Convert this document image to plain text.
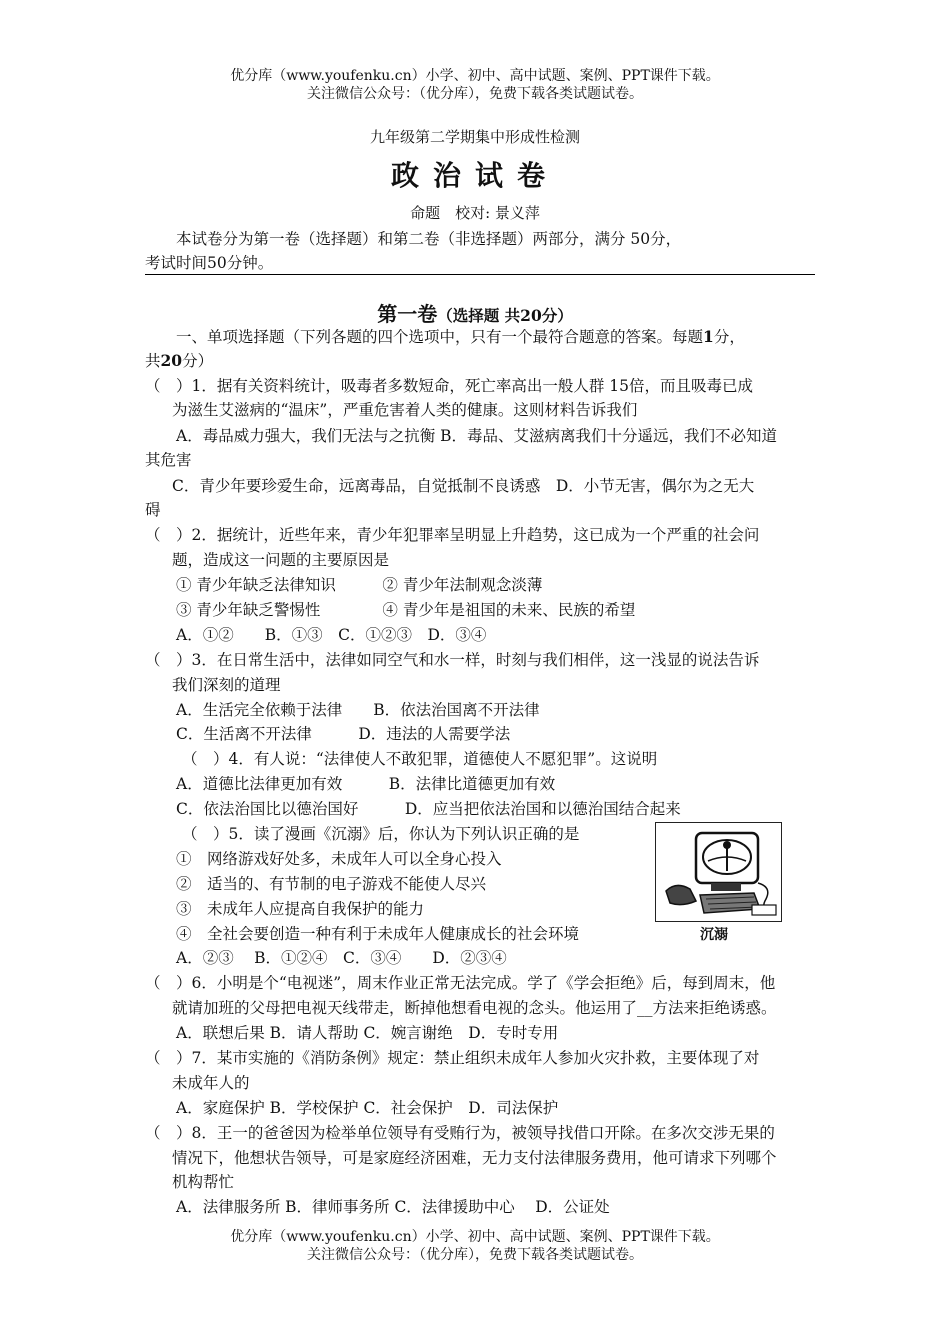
优分库（www.youfenku.cn）小学、初中、高中试题、案例、PPT课件下载。
关注微信公众号：（优分库），免费下载各类试题试卷。
九年级第二学期集中形成性检测
政治试卷
命题　校对: 景义萍
本试卷分为第一卷（选择题）和第二卷（非选择题）两部分，满分 50分，
考试时间50分钟。
第一卷（选择题 共20分）
一、单项选择题（下列各题的四个选项中，只有一个最符合题意的答案。每题1分，
共20分）
（　）1．据有关资料统计，吸毒者多数短命，死亡率高出一般人群 15倍，而且吸毒已成
为滋生艾滋病的“温床”，严重危害着人类的健康。这则材料告诉我们
A．毒品威力强大，我们无法与之抗衡 B．毒品、艾滋病离我们十分遥远，我们不必知道
其危害
C．青少年要珍爱生命，远离毒品，自觉抵制不良诱惑　D．小节无害，偶尔为之无大
碍
（　）2．据统计，近些年来，青少年犯罪率呈明显上升趋势，这已成为一个严重的社会问
题，造成这一问题的主要原因是
① 青少年缺乏法律知识　　　② 青少年法制观念淡薄
③ 青少年缺乏警惕性　　　　④ 青少年是祖国的未来、民族的希望
A．①②　　B．①③　C．①②③　D．③④
（　）3．在日常生活中，法律如同空气和水一样，时刻与我们相伴，这一浅显的说法告诉
我们深刻的道理
A．生活完全依赖于法律　　B．依法治国离不开法律
C．生活离不开法律　　　D．违法的人需要学法
（　）4．有人说：“法律使人不敢犯罪，道德使人不愿犯罪”。这说明
A．道德比法律更加有效　　　B．法律比道德更加有效
C．依法治国比以德治国好　　　D．应当把依法治国和以德治国结合起来
（　）5．读了漫画《沉溺》后，你认为下列认识正确的是
①　网络游戏好处多，未成年人可以全身心投入
②　适当的、有节制的电子游戏不能使人尽兴
③　未成年人应提高自我保护的能力
④　全社会要创造一种有利于未成年人健康成长的社会环境
A．②③　 B．①②④　C．③④　　D．②③④
沉溺
（　）6．小明是个“电视迷”，周末作业正常无法完成。学了《学会拒绝》后，每到周末，他
就请加班的父母把电视天线带走，断掉他想看电视的念头。他运用了__方法来拒绝诱惑。
A．联想后果 B．请人帮助 C．婉言谢绝　D．专时专用
（　）7．某市实施的《消防条例》规定：禁止组织未成年人参加火灾扑救，主要体现了对
未成年人的
A．家庭保护 B．学校保护 C．社会保护　D．司法保护
（　）8．王一的爸爸因为检举单位领导有受贿行为，被领导找借口开除。在多次交涉无果的
情况下，他想状告领导，可是家庭经济困难，无力支付法律服务费用，他可请求下列哪个
机构帮忙
A．法律服务所 B．律师事务所 C．法律援助中心　 D．公证处
优分库（www.youfenku.cn）小学、初中、高中试题、案例、PPT课件下载。
关注微信公众号：（优分库），免费下载各类试题试卷。
